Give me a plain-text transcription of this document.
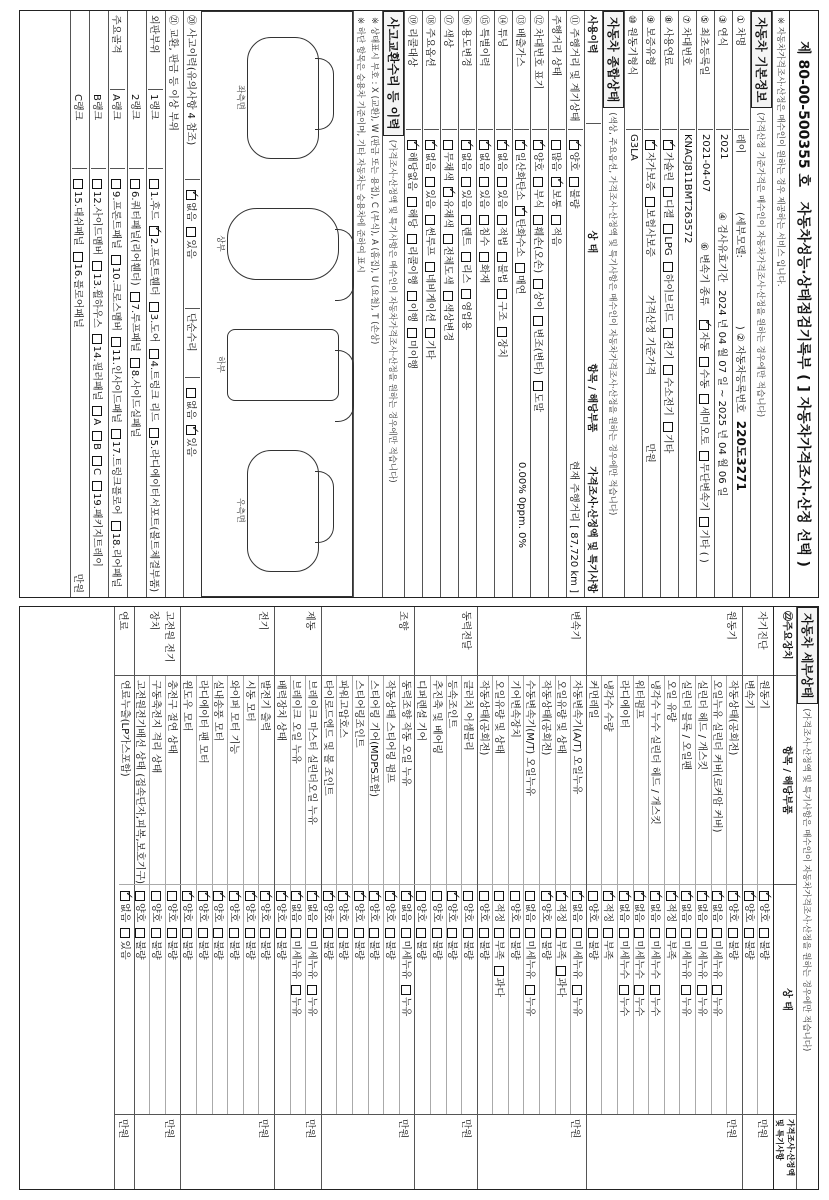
제 80-00-500355 호   자동차성능·상태점검기록부 ( ] 자동차가격조사·산정 선택 )
※ 자동차가격조사·산정은 매수인이 원하는 경우 제공하는 서비스 입니다.
자동차 기본정보
(가격산정 기준가격은 매수인이 자동차가격조사·산정을 원하는 경우에만 적습니다)
① 차명
레이
(세부모델:
) ② 자동차등록번호
220도3271
③ 연식
2021
④ 검사유효기간
2024 년 04 월 07 일 ~ 2025 년 04 월 06 일
⑤ 최초등록일
2021-04-07
⑥ 변속기 종류
✓자동수동세미오토무단변속기기타 ( )
⑦ 차대번호
KNACJ811BMT263572
⑧ 사용연료
✓가솔린디젤LPG하이브리드전기수소전기기타
⑨ 보증유형
✓자가보증보험사보증
가격산정 기준가격
만원
⑩ 원동기형식
G3LA
자동차 종합상태
(색상, 주요옵션, 가격조사·산정액 및 특기사항은 매수인이 자동차가격조사·산정을 원하는 경우에만 적습니다)
사용이력
상 태
항목 / 해당부품
가격조사·산정액 및 특기사항
⑪ 주행거리 및 계기상태
✓양호불량
현재 주행거리 [ 87,720 km ]
주행거리 상태
많음✓보통적음
⑫ 차대번호 표기
✓양호부식훼손(오손)상이변조(변타)도말
⑬ 배출가스
✓일산화탄소✓탄화수소매연
0.00% 0ppm. 0%
⑭ 튜닝
✓없음있음적법불법구조장치
⑮ 특별이력
✓없음있음침수화재
⑯ 용도변경
✓없음있음렌트리스영업용
⑰ 색상
무채색✓유채색전체도색색상변경
⑱ 주요옵션
✓없음있음썬루프네비게이션기타
⑲ 리콜대상
✓해당없음해당리콜이행이행미이행
사고교환수리 등 이력
(가격조사·산정액 및 특기사항은 매수인이 자동차가격조사·산정을 원하는 경우에만 적습니다)
※ 상태표시 부호 : X (교환), W (판금 또는 용접), C (부식), A (흠집), U (요철), T (손상)
※ 하단 항목은 승용차 기준이며, 기타 자동차는 승용차에 준하여 표시
좌측면
상부
하부
우측면
⑳ 사고이력(유의사항 4 참조)
✓없음있음
단순수리
없음✓있음
㉑ 교환, 판금 등 이상 부위
외판부위
1랭크
1.후드✓2.프론트휀더3.도어4.트렁크 리드5.라디에이터서포트(볼트체결부품)
2랭크
6.쿼터패널(리어휀더)7.루프패널8.사이드실패널
주요골격
A랭크
9.프론트패널10.크로스멤버11.인사이드패널17.트렁크플로어18.리어패널
B랭크
12.사이드멤버13.휠하우스14.필러패널ABC19.패키지트레이
C랭크
15.대쉬패널16.플로어패널
만원
자동차 세부상태
(가격조사·산정액 및 특기사항은 매수인이 자동차가격조사·산정을 원하는 경우에만 적습니다)
㉒주요장치
항목 / 해당부품
상 태
가격조사·산정액 및 특기사항
자기진단
원동기
✓양호불량
변속기
✓양호불량
만원
원동기
작동상태(공회전)
✓양호불량
오일누유 실린더 커버(로커암 커버)
✓없음미세누유누유
실린더 헤드 / 개스킷
✓없음미세누유누유
실린더 블록 / 오일팬
✓없음미세누유누유
오일 유량
✓적정부족
냉각수 누수 실린더 헤드 / 개스킷
✓없음미세누수누수
워터펌프
✓없음미세누수누수
라디에이터
✓없음미세누수누수
냉각수 수량
✓적정부족
커먼레일
양호불량
만원
변속기
자동변속기(A/T) 오일누유
✓없음미세누유누유
오일유량 및 상태
✓적정부족과다
작동상태(공회전)
✓양호불량
수동변속기(M/T) 오일누유
없음미세누유누유
기어변속장치
양호불량
오일유량 및 상태
적정부족과다
작동상태(공회전)
양호불량
만원
동력전달
클러치 어셈블리
양호불량
등속조인트
✓양호불량
추진축 및 베어링
양호불량
디퍼렌셜 기어
양호불량
만원
조향
동력조향 작동 오일 누유
✓없음미세누유누유
작동상태 스티어링 펌프
✓양호불량
스티어링 기어(MDPS포함)
✓양호불량
스티어링조인트
✓양호불량
파워고압호스
✓양호불량
타이로드엔드 및 볼 조인트
✓양호불량
만원
제동
브레이크 마스터 실린더오일 누유
✓없음미세누유누유
브레이크 오일 누유
✓없음미세누유누유
배력장치 상태
✓양호불량
만원
전기
발전기 출력
✓양호불량
시동 모터
✓양호불량
와이퍼 모터 기능
✓양호불량
실내송풍 모터
✓양호불량
라디에이터 팬 모터
✓양호불량
윈도우 모터
✓양호불량
만원
고전원 전기장치
충전구 절연 상태
양호불량
구동축전지 격리 상태
양호불량
고전원전기배선 상태 (접속단자,피복,보호기구)
양호불량
만원
연료
연료누출(LP가스포함)
✓없음있음
만원
